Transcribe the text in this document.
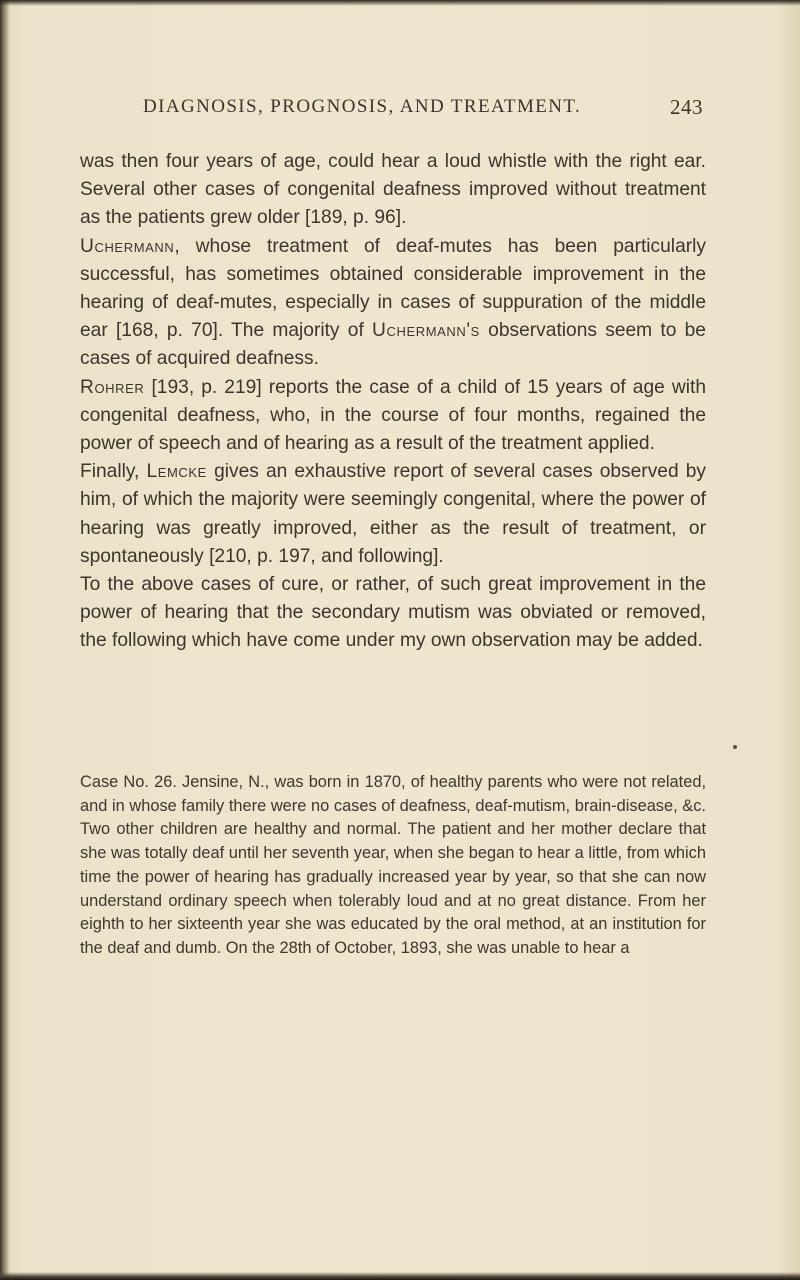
DIAGNOSIS, PROGNOSIS, AND TREATMENT.	243

was then four years of age, could hear a loud whistle with the right ear. Several other cases of congenital deafness improved without treatment as the patients grew older [189, p. 96].

Uchermann, whose treatment of deaf-mutes has been particularly successful, has sometimes obtained considerable improvement in the hearing of deaf-mutes, especially in cases of suppuration of the middle ear [168, p. 70]. The majority of Uchermann's observations seem to be cases of acquired deafness.

Rohrer [193, p. 219] reports the case of a child of 15 years of age with congenital deafness, who, in the course of four months, regained the power of speech and of hearing as a result of the treatment applied.

Finally, Lemcke gives an exhaustive report of several cases observed by him, of which the majority were seemingly congenital, where the power of hearing was greatly improved, either as the result of treatment, or spontaneously [210, p. 197, and following].

To the above cases of cure, or rather, of such great improvement in the power of hearing that the secondary mutism was obviated or removed, the following which have come under my own observation may be added.

Case No. 26. Jensine, N., was born in 1870, of healthy parents who were not related, and in whose family there were no cases of deafness, deaf-mutism, brain-disease, &c. Two other children are healthy and normal. The patient and her mother declare that she was totally deaf until her seventh year, when she began to hear a little, from which time the power of hearing has gradually increased year by year, so that she can now understand ordinary speech when tolerably loud and at no great distance. From her eighth to her sixteenth year she was educated by the oral method, at an institution for the deaf and dumb. On the 28th of October, 1893, she was unable to hear a
